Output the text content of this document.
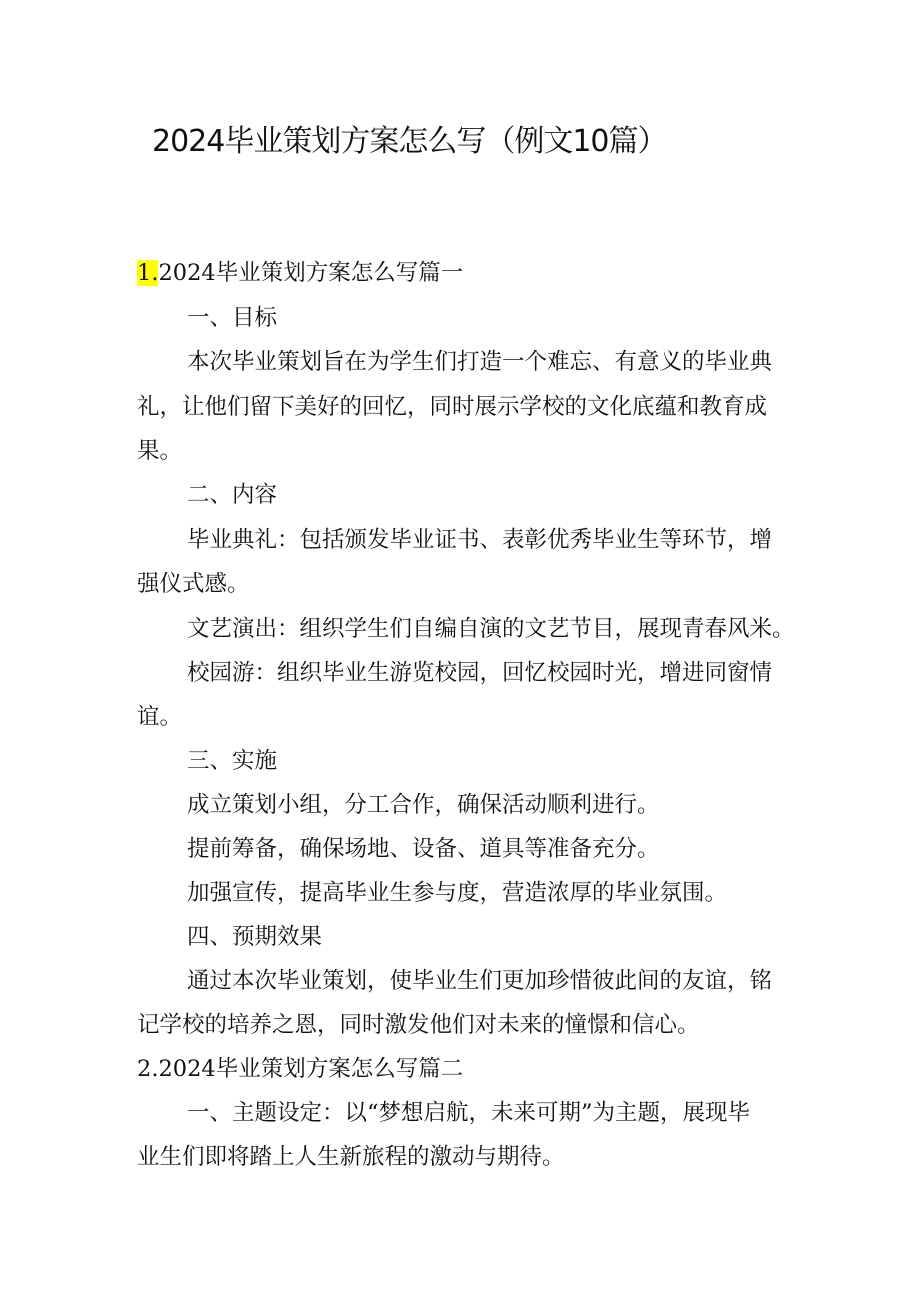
2024毕业策划方案怎么写（例文10篇）
1.2024毕业策划方案怎么写篇一
一、目标
本次毕业策划旨在为学生们打造一个难忘、有意义的毕业典
礼，让他们留下美好的回忆，同时展示学校的文化底蕴和教育成
果。
二、内容
毕业典礼：包括颁发毕业证书、表彰优秀毕业生等环节，增
强仪式感。
文艺演出：组织学生们自编自演的文艺节目，展现青春风米。
校园游：组织毕业生游览校园，回忆校园时光，增进同窗情
谊。
三、实施
成立策划小组，分工合作，确保活动顺利进行。
提前筹备，确保场地、设备、道具等准备充分。
加强宣传，提高毕业生参与度，营造浓厚的毕业氛围。
四、预期效果
通过本次毕业策划，使毕业生们更加珍惜彼此间的友谊，铭
记学校的培养之恩，同时激发他们对未来的憧憬和信心。
2.2024毕业策划方案怎么写篇二
一、主题设定：以“梦想启航，未来可期”为主题，展现毕
业生们即将踏上人生新旅程的激动与期待。
